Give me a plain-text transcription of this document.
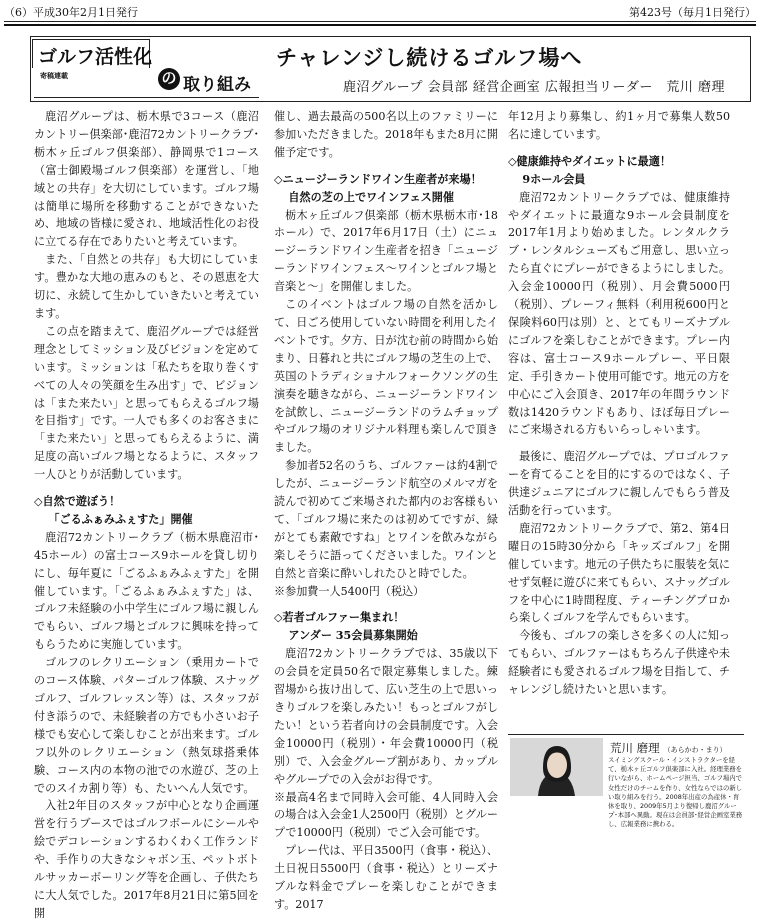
（6）平成30年2月1日発行	第423号（毎月1日発行）
ゴルフ活性化
寄稿連載	の 取り組み
チャレンジし続けるゴルフ場へ
鹿沼グループ 会員部 経営企画室 広報担当リーダー　荒川 磨理

鹿沼グループは、栃木県で3コース（鹿沼カントリー倶楽部･鹿沼72カントリークラブ･栃木ヶ丘ゴルフ倶楽部）、静岡県で1コース（富士御殿場ゴルフ倶楽部）を運営し、「地域との共存」を大切にしています。ゴルフ場は簡単に場所を移動することができないため、地域の皆様に愛され、地域活性化のお役に立てる存在でありたいと考えています。

また、「自然との共存」も大切にしています。豊かな大地の恵みのもと、その恩恵を大切に、永続して生かしていきたいと考えています。

この点を踏まえて、鹿沼グループでは経営理念としてミッション及びビジョンを定めています。ミッションは「私たちを取り巻くすべての人々の笑顔を生み出す」で、ビジョンは「また来たい」と思ってもらえるゴルフ場を目指す」です。一人でも多くのお客さまに「また来たい」と思ってもらえるように、満足度の高いゴルフ場となるように、スタッフ一人ひとりが活動しています。

◇自然で遊ぼう！
「ごるふぁみふぇすた」開催

鹿沼72カントリークラブ（栃木県鹿沼市･45ホール）の富士コース9ホールを貸し切りにし、毎年夏に「ごるふぁみふぇすた」を開催しています。「ごるふぁみふぇすた」は、ゴルフ未経験の小中学生にゴルフ場に親しんでもらい、ゴルフ場とゴルフに興味を持ってもらうために実施しています。

ゴルフのレクリエーション（乗用カートでのコース体験、パターゴルフ体験、スナッグゴルフ、ゴルフレッスン等）は、スタッフが付き添うので、未経験者の方でも小さいお子様でも安心して楽しむことが出来ます。ゴルフ以外のレクリエーション（熱気球搭乗体験、コース内の本物の池での水遊び、芝の上でのスイカ割り等）も、たいへん人気です。

入社2年目のスタッフが中心となり企画運営を行うブースではゴルフボールにシールや絵でデコレーションするわくわく工作ランドや、手作りの大きなシャボン玉、ペットボトルサッカーボーリング等を企画し、子供たちに大人気でした。2017年8月21日に第5回を開

催し、過去最高の500名以上のファミリーに参加いただきました。2018年もまた8月に開催予定です。

◇ニュージーランドワイン生産者が来場！
自然の芝の上でワインフェス開催

栃木ヶ丘ゴルフ倶楽部（栃木県栃木市･18ホール）で、2017年6月17日（土）にニュージーランドワイン生産者を招き「ニュージーランドワインフェス〜ワインとゴルフ場と音楽と〜」を開催しました。

このイベントはゴルフ場の自然を活かして、日ごろ使用していない時間を利用したイベントです。夕方、日が沈む前の時間から始まり、日暮れと共にゴルフ場の芝生の上で、英国のトラディショナルフォークソングの生演奏を聴きながら、ニュージーランドワインを試飲し、ニュージーランドのラムチョップやゴルフ場のオリジナル料理も楽しんで頂きました。

参加者52名のうち、ゴルファーは約4割でしたが、ニュージーランド航空のメルマガを読んで初めてご来場された都内のお客様もいて、「ゴルフ場に来たのは初めてですが、緑がとても素敵ですね」とワインを飲みながら楽しそうに語ってくださいました。ワインと自然と音楽に酔いしれたひと時でした。

※参加費一人5400円（税込）

◇若者ゴルファー集まれ！
アンダー 35会員募集開始

鹿沼72カントリークラブでは、35歳以下の会員を定員50名で限定募集しました。練習場から抜け出して、広い芝生の上で思いっきりゴルフを楽しみたい！もっとゴルフがしたい！という若者向けの会員制度です。入会金10000円（税別）・年会費10000円（税別）で、入会金グループ割があり、カップルやグループでの入会がお得です。

※最高4名まで同時入会可能、4人同時入会の場合は入会金1人2500円（税別）とグループで10000円（税別）でご入会可能です。

プレー代は、平日3500円（食事・税込）、土日祝日5500円（食事・税込）とリーズナブルな料金でプレーを楽しむことができます。2017

年12月より募集し、約1ヶ月で募集人数50名に達しています。

◇健康維持やダイエットに最適！
9ホール会員

鹿沼72カントリークラブでは、健康維持やダイエットに最適な9ホール会員制度を2017年1月より始めました。レンタルクラブ・レンタルシューズもご用意し、思い立ったら直ぐにプレーができるようにしました。入会金10000円（税別）、月会費5000円（税別）、プレーフィ無料（利用税600円と保険料60円は別）と、とてもリーズナブルにゴルフを楽しむことができます。プレー内容は、富士コース9ホールプレー、平日限定、手引きカート使用可能です。地元の方を中心にご入会頂き、2017年の年間ラウンド数は1420ラウンドもあり、ほぼ毎日プレーにご来場される方もいらっしゃいます。

最後に、鹿沼グループでは、プロゴルファーを育てることを目的にするのではなく、子供達ジュニアにゴルフに親しんでもらう普及活動を行っています。

鹿沼72カントリークラブで、第2、第4日曜日の15時30分から「キッズゴルフ」を開催しています。地元の子供たちに服装を気にせず気軽に遊びに来てもらい、スナッグゴルフを中心に1時間程度、ティーチングプロから楽しくゴルフを学んでもらいます。

今後も、ゴルフの楽しさを多くの人に知ってもらい、ゴルファーはもちろん子供達や未経験者にも愛されるゴルフ場を目指して、チャレンジし続けたいと思います。

荒川 磨理 （あらかわ・まり）
スイミングスクール・インストラクターを経て、栃木ヶ丘ゴルフ倶楽部に入社。経理業務を行いながら、ホームページ担当、ゴルフ場内で女性だけのチームを作り、女性ならではの新しい取り組みを行う。2008年出産の為産休・育休を取り、2009年5月より復帰し鹿沼グループ･本部へ異動。現在は会員部･経営企画室業務し、広報業務に携わる。
